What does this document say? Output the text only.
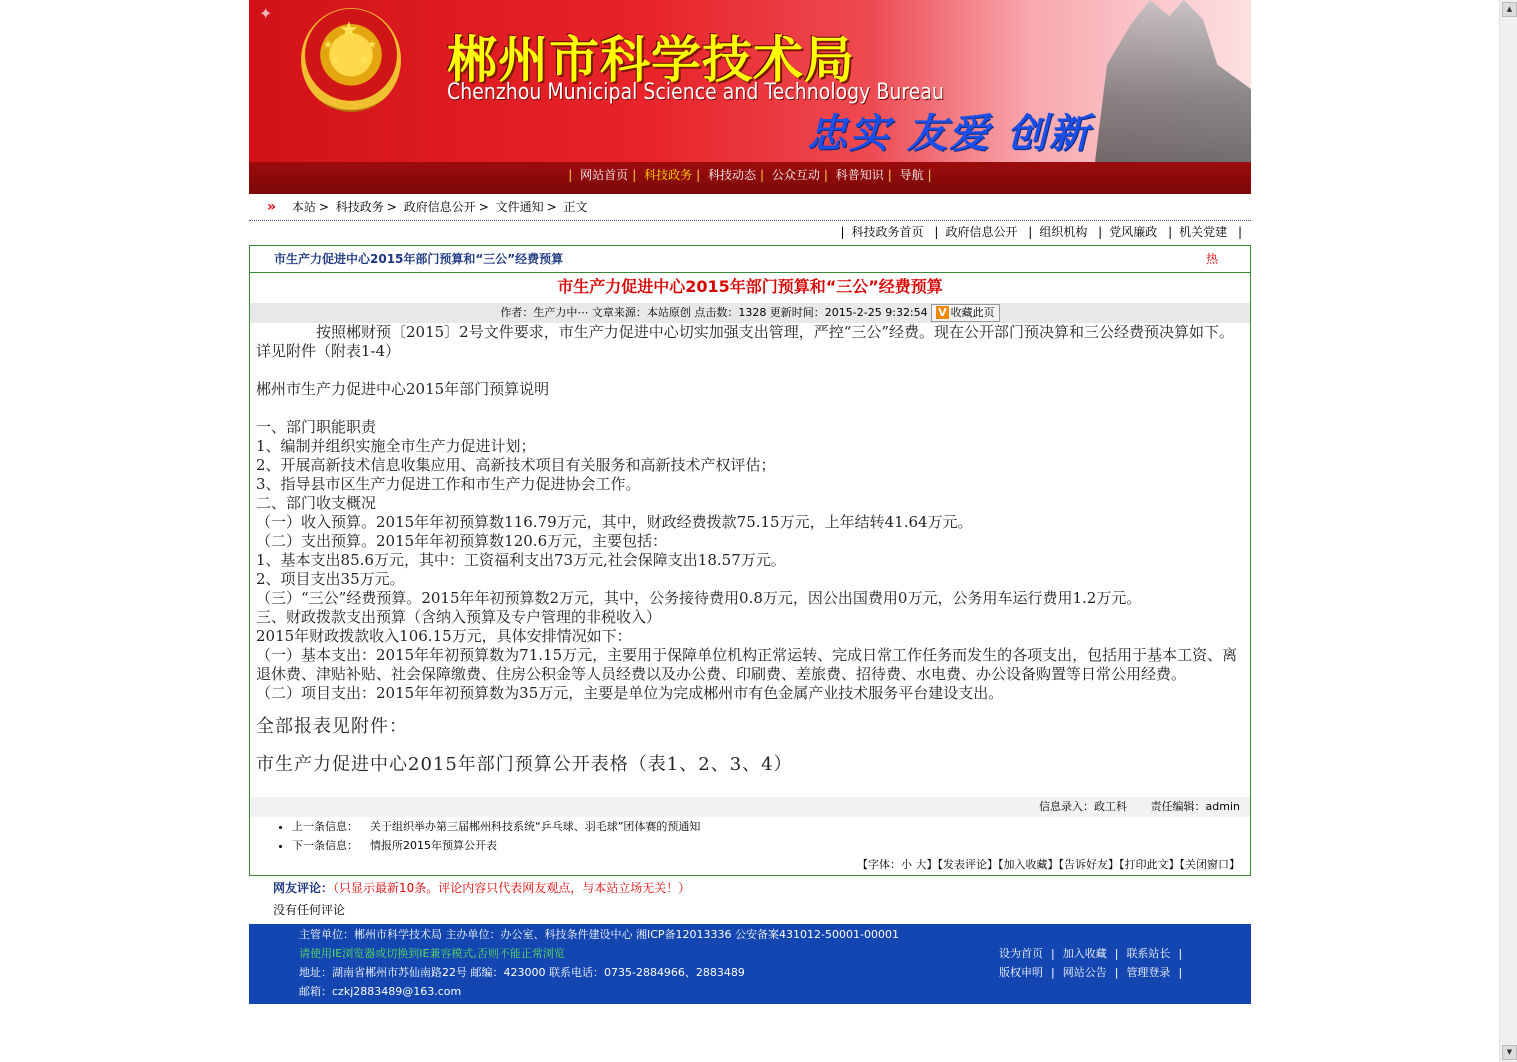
▲
▼
✦
★
★	★
★ ★ 郴州市科学技术局
Chenzhou Municipal Science and Technology Bureau
忠实 友爱 创新
| 网站首页 | 科技政务 | 科技动态 | 公众互动 | 科普知识 | 导航 |
» 本站 > 科技政务 > 政府信息公开 > 文件通知 > 正文
| 科技政务首页 | 政府信息公开 | 组织机构 | 党风廉政 | 机关党建 |
市生产力促进中心2015年部门预算和“三公”经费预算	热
市生产力促进中心2015年部门预算和“三公”经费预算
作者：生产力中⋯ 文章来源：本站原创 点击数：1328 更新时间：2015-2-25 9:32:54 V 收藏此页

按照郴财预〔2015〕2号文件要求，市生产力促进中心切实加强支出管理，严控“三公”经费。现在公开部门预决算和三公经费预决算如下。详见附件（附表1-4）

郴州市生产力促进中心2015年部门预算说明

一、部门职能职责

1、编制并组织实施全市生产力促进计划；

2、开展高新技术信息收集应用、高新技术项目有关服务和高新技术产权评估；

3、指导县市区生产力促进工作和市生产力促进协会工作。

二、部门收支概况

（一）收入预算。2015年年初预算数116.79万元，其中，财政经费拨款75.15万元，上年结转41.64万元。

（二）支出预算。2015年年初预算数120.6万元，主要包括：

1、基本支出85.6万元，其中：工资福利支出73万元,社会保障支出18.57万元。

2、项目支出35万元。

（三）“三公”经费预算。2015年年初预算数2万元，其中，公务接待费用0.8万元，因公出国费用0万元，公务用车运行费用1.2万元。

三、财政拨款支出预算（含纳入预算及专户管理的非税收入）

2015年财政拨款收入106.15万元，具体安排情况如下：

（一）基本支出：2015年年初预算数为71.15万元，主要用于保障单位机构正常运转、完成日常工作任务而发生的各项支出，包括用于基本工资、离退休费、津贴补贴、社会保障缴费、住房公积金等人员经费以及办公费、印刷费、差旅费、招待费、水电费、办公设备购置等日常公用经费。

（二）项目支出：2015年年初预算数为35万元，主要是单位为完成郴州市有色金属产业技术服务平台建设支出。

全部报表见附件：

市生产力促进中心2015年部门预算公开表格（表1、2、3、4）

信息录入：政工科 责任编辑：admin
• 上一条信息： 关于组织举办第三届郴州科技系统“乒乓球、羽毛球”团体赛的预通知
• 下一条信息： 情报所2015年预算公开表
【字体：小 大】【发表评论】【加入收藏】【告诉好友】【打印此文】【关闭窗口】
网友评论：（只显示最新10条。评论内容只代表网友观点，与本站立场无关！）
没有任何评论
主管单位：郴州市科学技术局 主办单位：办公室、科技条件建设中心 湘ICP备12013336 公安备案431012-50001-00001
请使用IE浏览器或切换到IE兼容模式,否则不能正常浏览
地址：湖南省郴州市苏仙南路22号 邮编：423000 联系电话：0735-2884966、2883489
邮箱：czkj2883489@163.com
设为首页 | 加入收藏 | 联系站长 |
版权申明 | 网站公告 | 管理登录 |
